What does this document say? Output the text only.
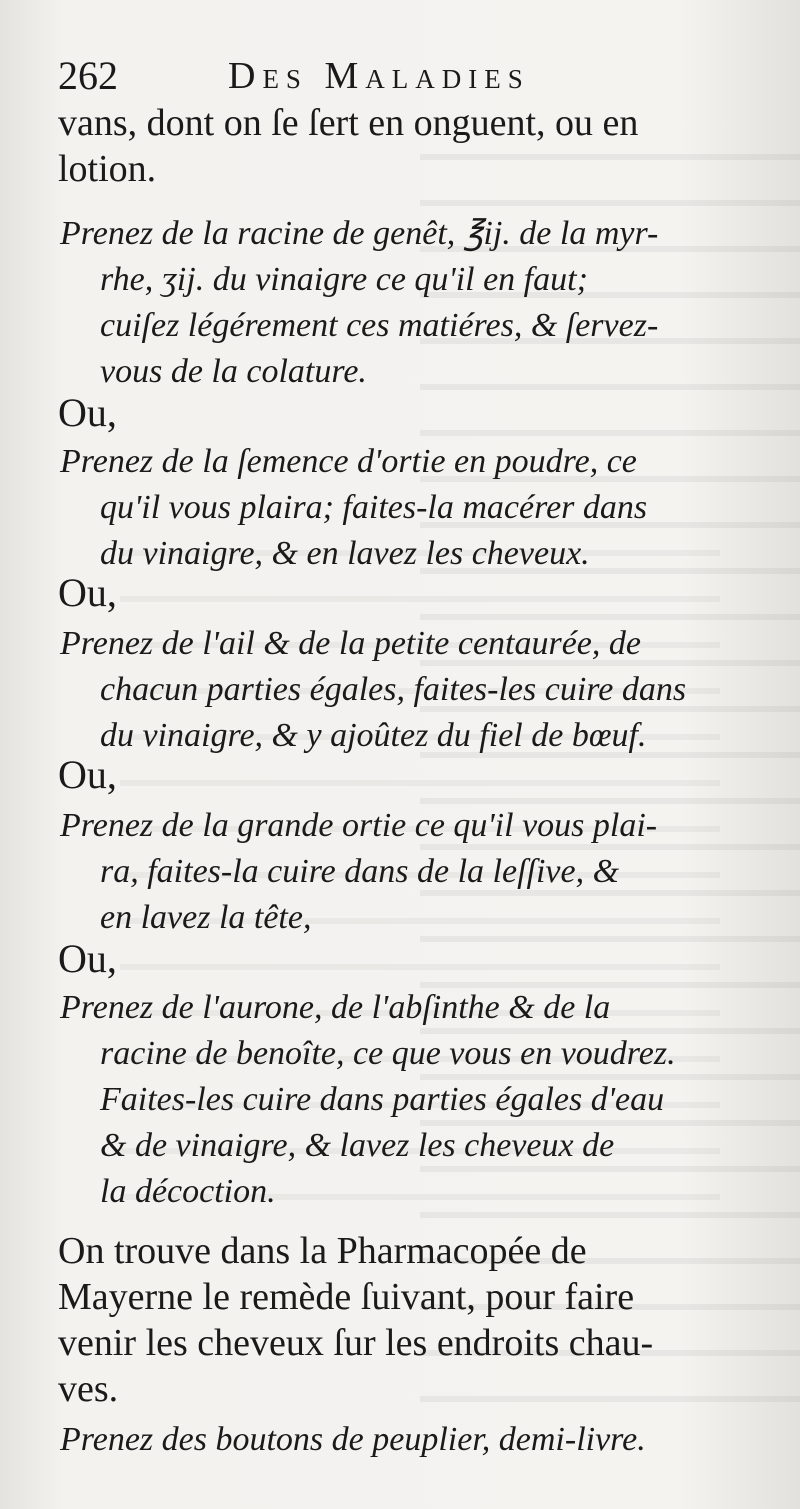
262	Des Maladies
vans, dont on ſe ſert en onguent, ou en
lotion.
Prenez de la racine de genêt, ℥ij. de la myr-
rhe, ʒij. du vinaigre ce qu'il en faut;
cuiſez légérement ces matiéres, & ſervez-
vous de la colature.
Ou,
Prenez de la ſemence d'ortie en poudre, ce
qu'il vous plaira; faites-la macérer dans
du vinaigre, & en lavez les cheveux.
Ou,
Prenez de l'ail & de la petite centaurée, de
chacun parties égales, faites-les cuire dans
du vinaigre, & y ajoûtez du fiel de bœuf.
Ou,
Prenez de la grande ortie ce qu'il vous plai-
ra, faites-la cuire dans de la leſſive, &
en lavez la tête,
Ou,
Prenez de l'aurone, de l'abſinthe & de la
racine de benoîte, ce que vous en voudrez.
Faites-les cuire dans parties égales d'eau
& de vinaigre, & lavez les cheveux de
la décoction.
On trouve dans la Pharmacopée de
Mayerne le remède ſuivant, pour faire
venir les cheveux ſur les endroits chau-
ves.
Prenez des boutons de peuplier, demi-livre.
